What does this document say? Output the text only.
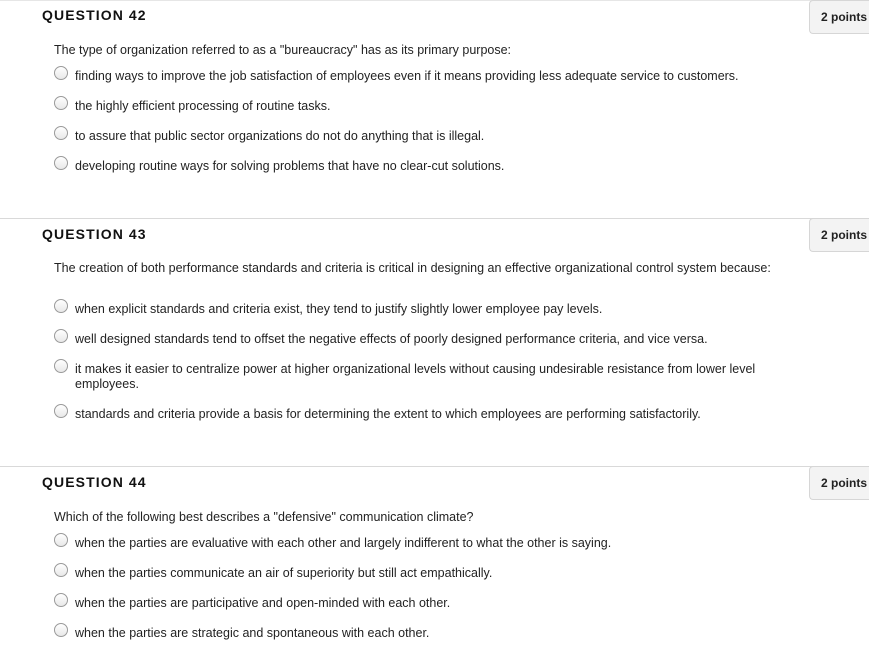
QUESTION 42	2 points
The type of organization referred to as a "bureaucracy" has as its primary purpose:
finding ways to improve the job satisfaction of employees even if it means providing less adequate service to customers.
the highly efficient processing of routine tasks.
to assure that public sector organizations do not do anything that is illegal.
developing routine ways for solving problems that have no clear-cut solutions.
QUESTION 43	2 points
The creation of both performance standards and criteria is critical in designing an effective organizational control system because:
when explicit standards and criteria exist, they tend to justify slightly lower employee pay levels.
well designed standards tend to offset the negative effects of poorly designed performance criteria, and vice versa.
it makes it easier to centralize power at higher organizational levels without causing undesirable resistance from lower level employees.
standards and criteria provide a basis for determining the extent to which employees are performing satisfactorily.
QUESTION 44	2 points
Which of the following best describes a "defensive" communication climate?
when the parties are evaluative with each other and largely indifferent to what the other is saying.
when the parties communicate an air of superiority but still act empathically.
when the parties are participative and open-minded with each other.
when the parties are strategic and spontaneous with each other.
